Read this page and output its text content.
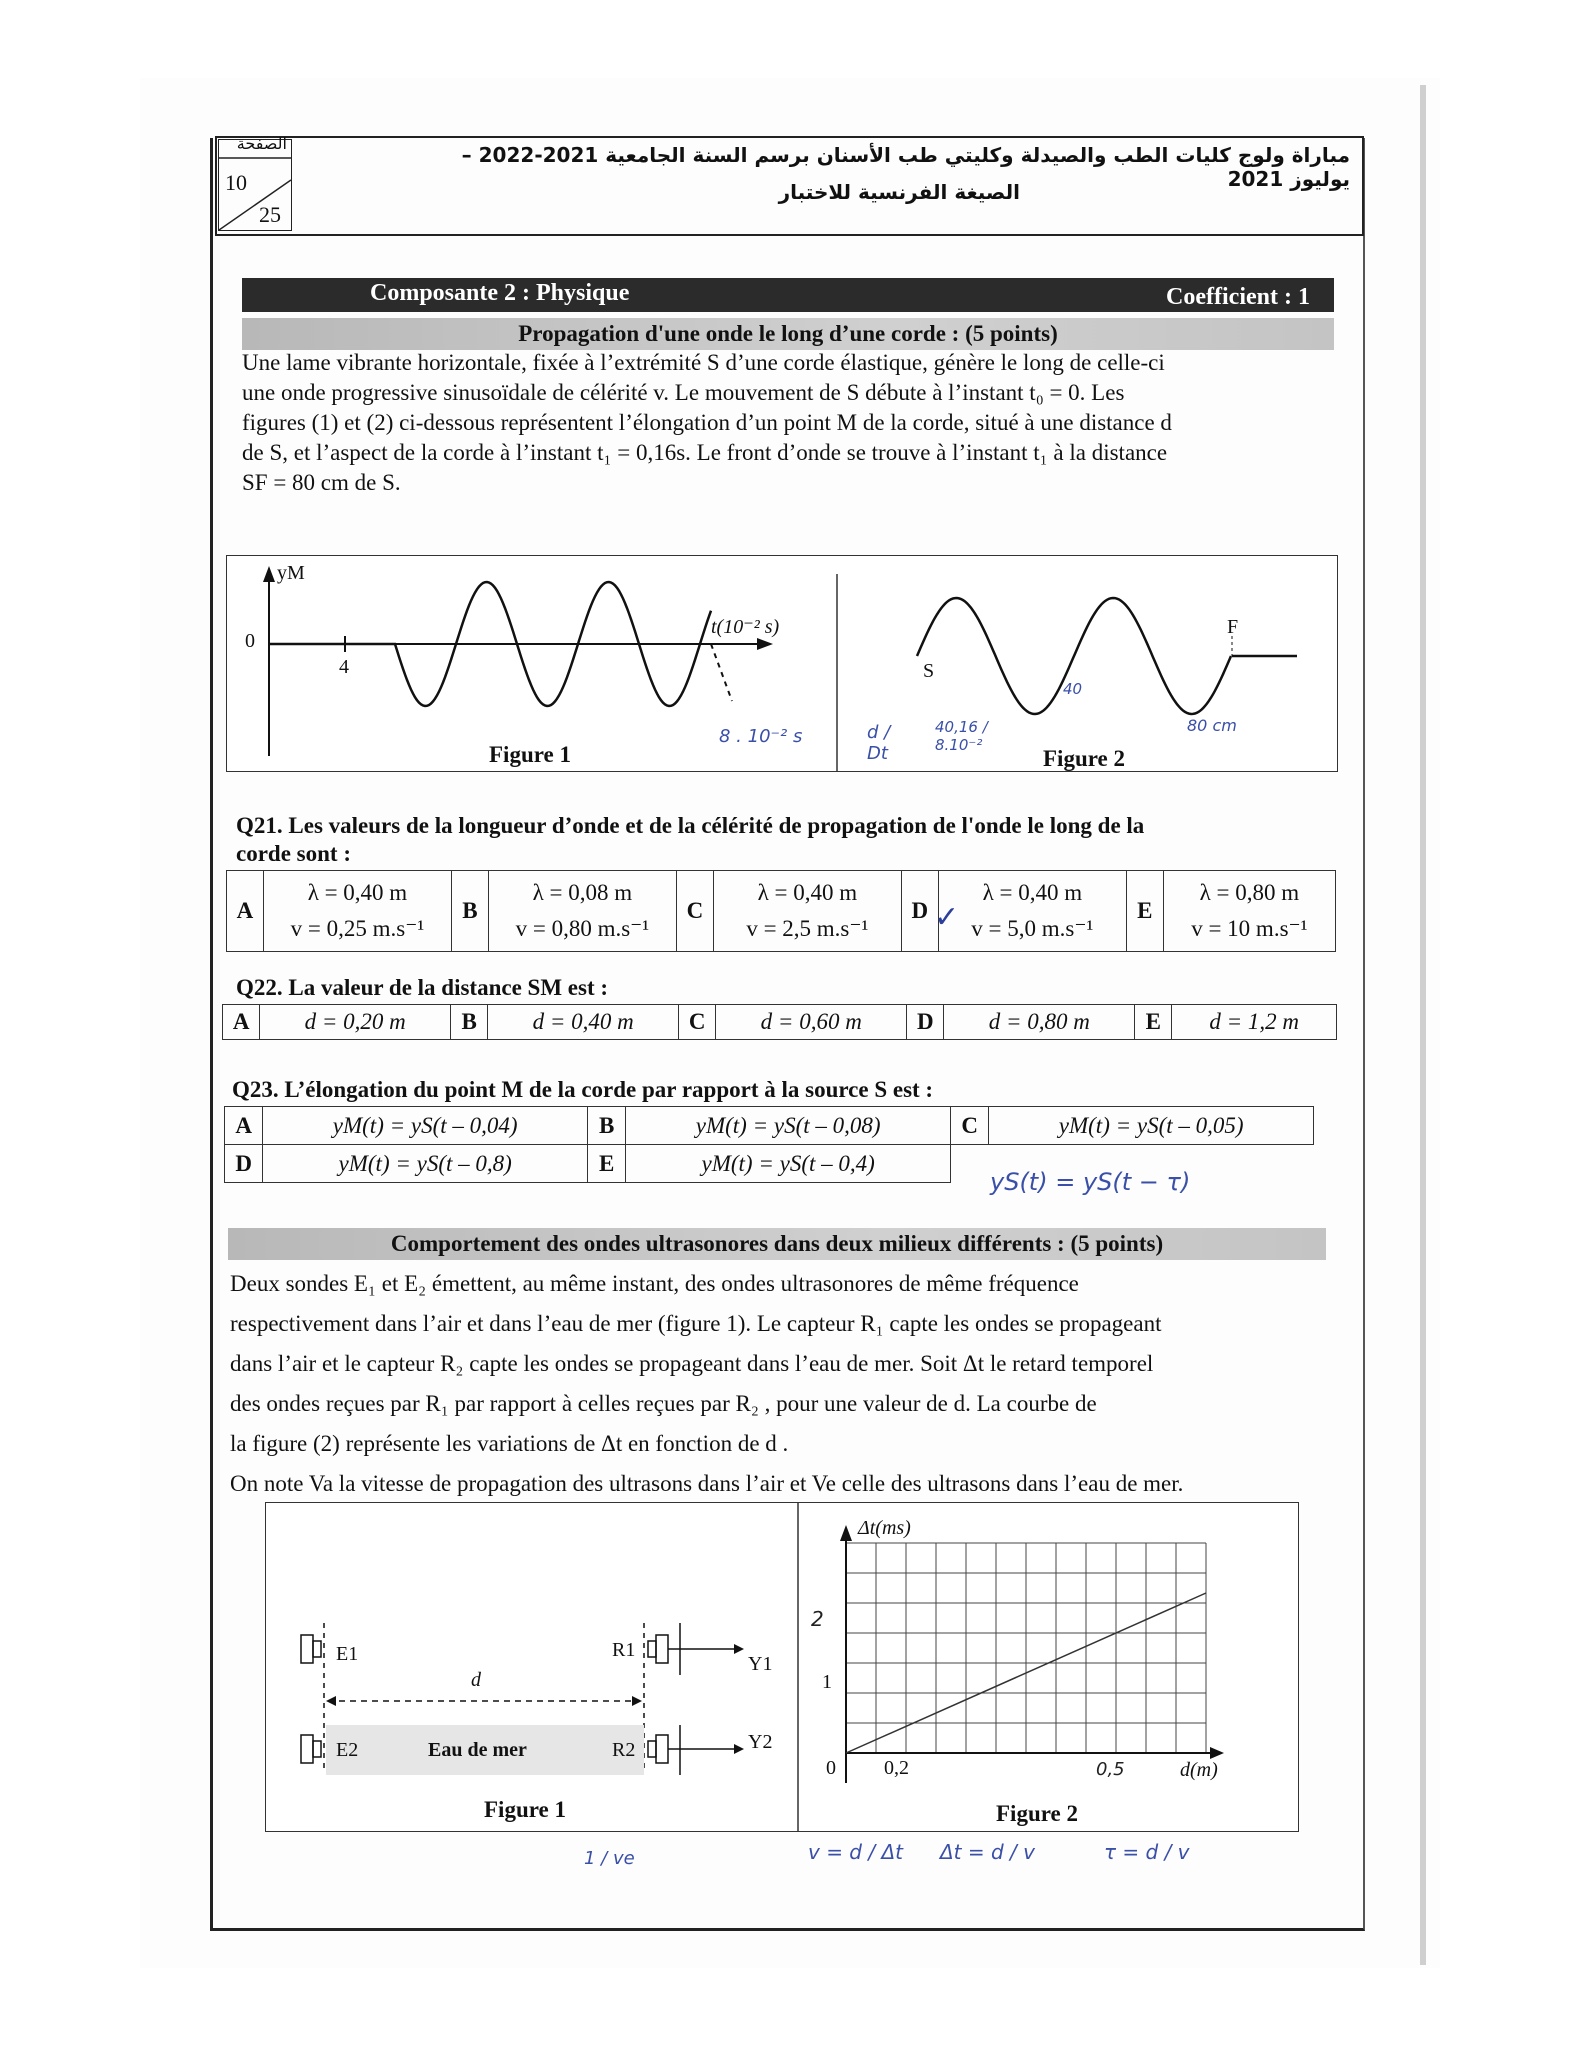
الصفحة
10
25
مباراة ولوج كليات الطب والصيدلة وكليتي طب الأسنان برسم السنة الجامعية 2021-2022 – يوليوز 2021
الصيغة الفرنسية للاختبار
Composante 2 : Physique	Coefficient : 1
Propagation d'une onde le long d’une corde : (5 points)
Une lame vibrante horizontale, fixée à l’extrémité S d’une corde élastique, génère le long de celle-ci
une onde progressive sinusoïdale de célérité v. Le mouvement de S débute à l’instant t₀ = 0. Les
figures (1) et (2) ci-dessous représentent l’élongation d’un point M de la corde, situé à une distance d
de S, et l’aspect de la corde à l’instant t₁ = 0,16s. Le front d’onde se trouve à l’instant t₁ à la distance
SF = 80 cm de S.
yM
0
4
t(10⁻² s)
Figure 1
S
F
Figure 2
8 . 10⁻² s	d / Dt
40,16 / 8.10⁻²
40
80 cm
Q21. Les valeurs de la longueur d’onde et de la célérité de propagation de l'onde le long de la
corde sont :
A	
λ = 0,40 m
v = 0,25 m.s⁻¹
	B	
λ = 0,08 m
v = 0,80 m.s⁻¹
	C	
λ = 0,40 m
v = 2,5 m.s⁻¹
	D	
λ = 0,40 m
v = 5,0 m.s⁻¹
	E	
λ = 0,80 m
v = 10 m.s⁻¹
✓
Q22. La valeur de la distance SM est :
A	d = 0,20 m	B	d = 0,40 m	C	d = 0,60 m	D	d = 0,80 m	E	d = 1,2 m
Q23. L’élongation du point M de la corde par rapport à la source S est :
A	yM(t) = yS(t – 0,04)	B	yM(t) = yS(t – 0,08)	C	yM(t) = yS(t – 0,05)
D	yM(t) = yS(t – 0,8)	E	yM(t) = yS(t – 0,4)		
yS(t) = yS(t − τ)
Comportement des ondes ultrasonores dans deux milieux différents : (5 points)
Deux sondes E₁ et E₂ émettent, au même instant, des ondes ultrasonores de même fréquence
respectivement dans l’air et dans l’eau de mer (figure 1). Le capteur R₁ capte les ondes se propageant
dans l’air et le capteur R₂ capte les ondes se propageant dans l’eau de mer. Soit Δt le retard temporel
des ondes reçues par R₁ par rapport à celles reçues par R₂ , pour une valeur de d. La courbe de
la figure (2) représente les variations de Δt en fonction de d .
On note Va la vitesse de propagation des ultrasons dans l’air et Ve celle des ultrasons dans l’eau de mer.
E1
E2
R1
R2
Y1
Y2
d
Eau de mer
Figure 1
Δt(ms)
d(m)
0 0,2
1
Figure 2
2
0,5
1 / ve	v = d / Δt Δt = d / v	τ = d / v
